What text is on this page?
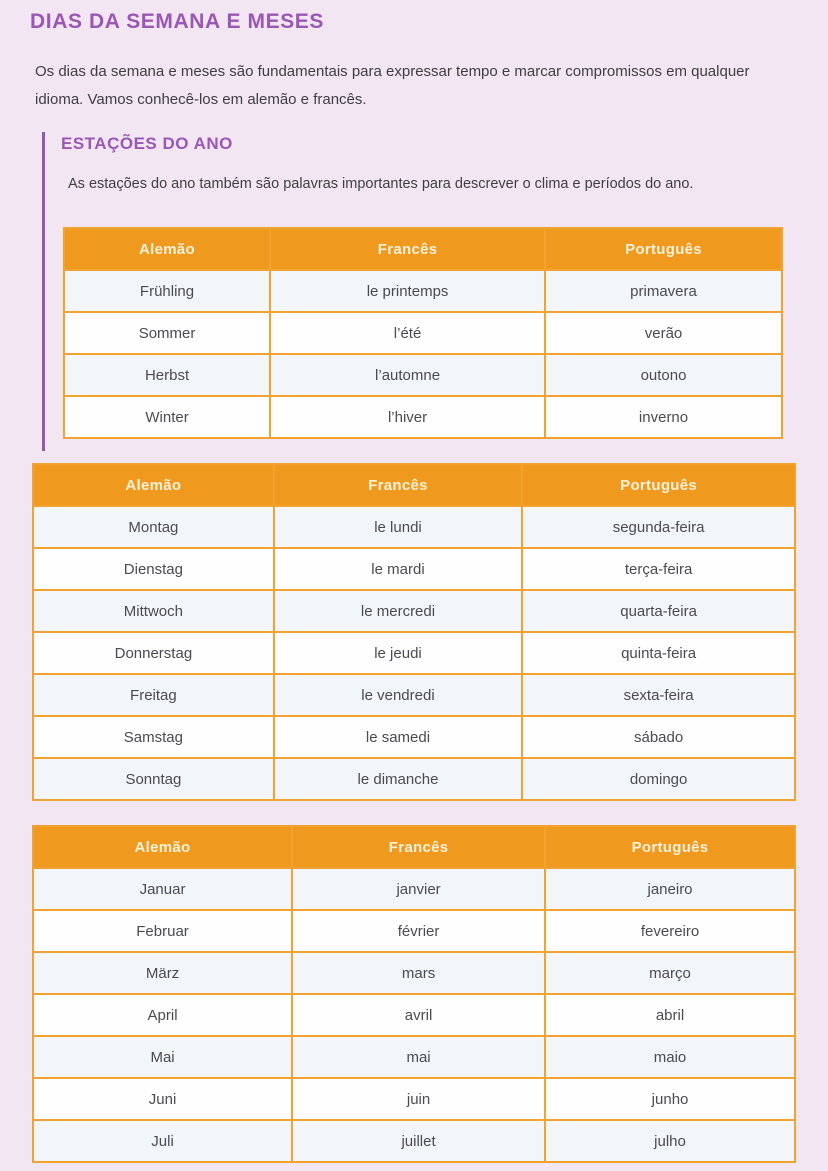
DIAS DA SEMANA E MESES

Os dias da semana e meses são fundamentais para expressar tempo e marcar compromissos em qualquer idioma. Vamos conhecê-los em alemão e francês.

ESTAÇÕES DO ANO

As estações do ano também são palavras importantes para descrever o clima e períodos do ano.

Alemão	Francês	Português
Frühling	le printemps	primavera
Sommer	l’été	verão
Herbst	l’automne	outono
Winter	l’hiver	inverno
Alemão	Francês	Português
Montag	le lundi	segunda-feira
Dienstag	le mardi	terça-feira
Mittwoch	le mercredi	quarta-feira
Donnerstag	le jeudi	quinta-feira
Freitag	le vendredi	sexta-feira
Samstag	le samedi	sábado
Sonntag	le dimanche	domingo
Alemão	Francês	Português
Januar	janvier	janeiro
Februar	février	fevereiro
März	mars	março
April	avril	abril
Mai	mai	maio
Juni	juin	junho
Juli	juillet	julho
